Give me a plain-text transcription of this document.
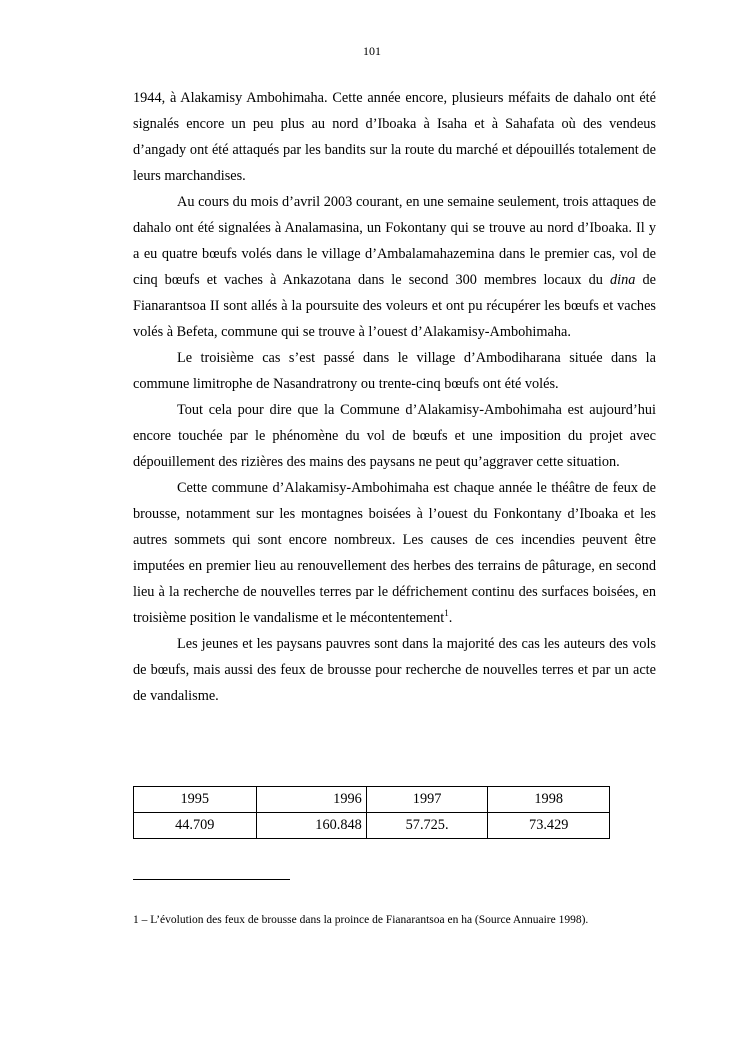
101

1944, à Alakamisy Ambohimaha. Cette année encore, plusieurs méfaits de dahalo ont été signalés encore un peu plus au nord d’Iboaka à Isaha et à Sahafata où des vendeus d’angady ont été attaqués par les bandits sur la route du marché et dépouillés totalement de leurs marchandises.

Au cours du mois d’avril 2003 courant, en une semaine seulement, trois attaques de dahalo ont été signalées à Analamasina, un Fokontany qui se trouve au nord d’Iboaka. Il y a eu quatre bœufs volés dans le village d’Ambalamahazemina dans le premier cas, vol de cinq bœufs et vaches à Ankazotana dans le second 300 membres locaux du dina de Fianarantsoa II sont allés à la poursuite des voleurs et ont pu récupérer les bœufs et vaches volés à Befeta, commune qui se trouve à l’ouest d’Alakamisy-Ambohimaha.

Le troisième cas s’est passé dans le village d’Ambodiharana située dans la commune limitrophe de Nasandratrony ou trente-cinq bœufs ont été volés.

Tout cela pour dire que la Commune d’Alakamisy-Ambohimaha est aujourd’hui encore touchée par le phénomène du vol de bœufs et une imposition du projet avec dépouillement des rizières des mains des paysans ne peut qu’aggraver cette situation.

Cette commune d’Alakamisy-Ambohimaha est chaque année le théâtre de feux de brousse, notamment sur les montagnes boisées à l’ouest du Fonkontany d’Iboaka et les autres sommets qui sont encore nombreux. Les causes de ces incendies peuvent être imputées en premier lieu au renouvellement des herbes des terrains de pâturage, en second lieu à la recherche de nouvelles terres par le défrichement continu des surfaces boisées, en troisième position le vandalisme et le mécontentement$^1$.

Les jeunes et les paysans pauvres sont dans la majorité des cas les auteurs des vols de bœufs, mais aussi des feux de brousse pour recherche de nouvelles terres et par un acte de vandalisme.

1995	1996	1997	1998
44.709	160.848	57.725.	73.429
1 – L’évolution des feux de brousse dans la proince de Fianarantsoa en ha (Source Annuaire 1998).
